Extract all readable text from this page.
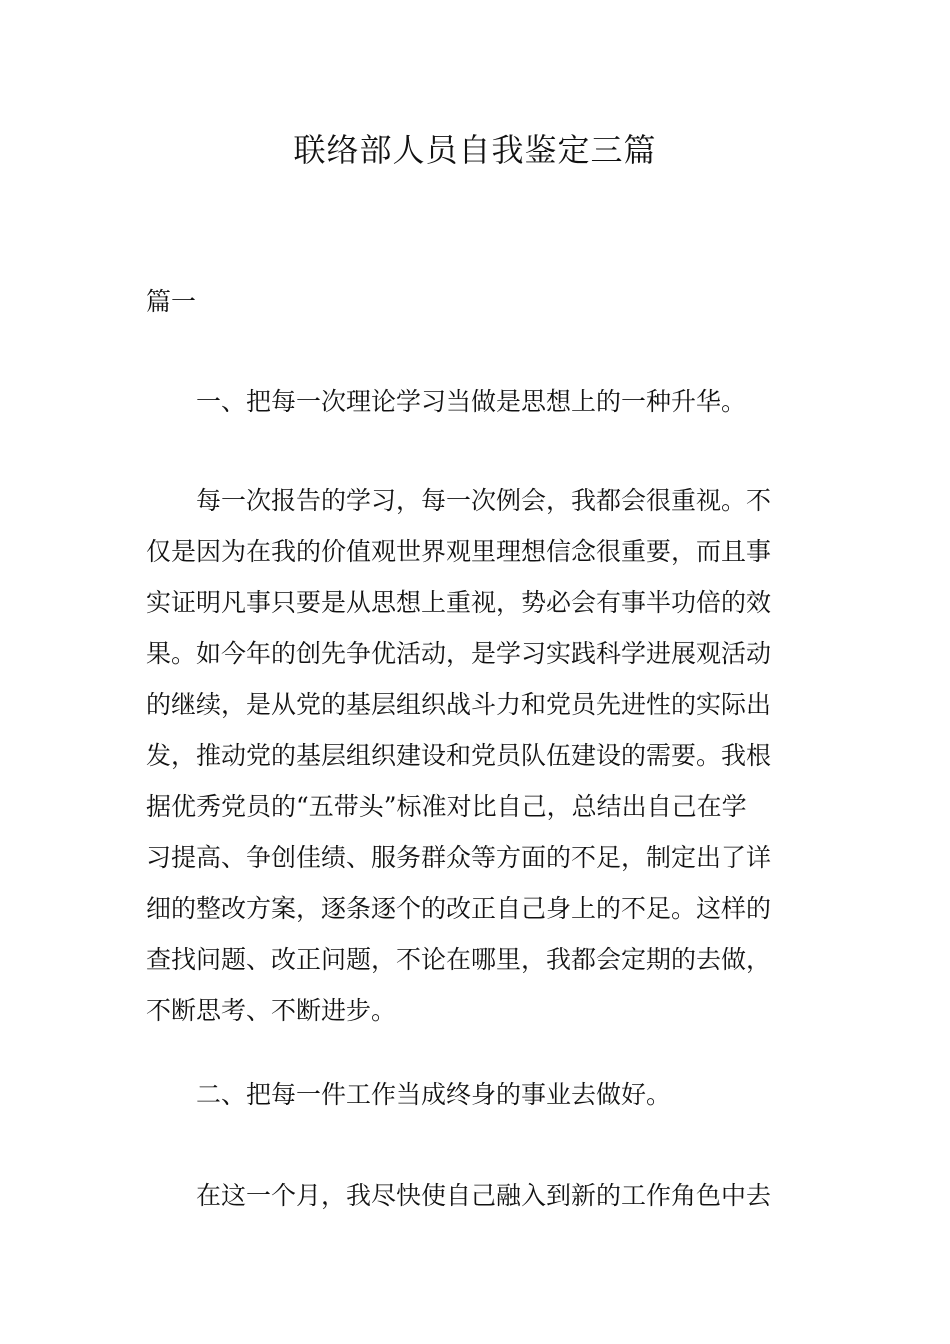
联络部人员自我鉴定三篇

篇一

一、把每一次理论学习当做是思想上的一种升华。

每一次报告的学习，每一次例会，我都会很重视。不
仅是因为在我的价值观世界观里理想信念很重要，而且事
实证明凡事只要是从思想上重视，势必会有事半功倍的效
果。如今年的创先争优活动，是学习实践科学进展观活动
的继续，是从党的基层组织战斗力和党员先进性的实际出
发，推动党的基层组织建设和党员队伍建设的需要。我根
据优秀党员的“五带头”标准对比自己，总结出自己在学
习提高、争创佳绩、服务群众等方面的不足，制定出了详
细的整改方案，逐条逐个的改正自己身上的不足。这样的
查找问题、改正问题，不论在哪里，我都会定期的去做，
不断思考、不断进步。

二、把每一件工作当成终身的事业去做好。

在这一个月，我尽快使自己融入到新的工作角色中去
